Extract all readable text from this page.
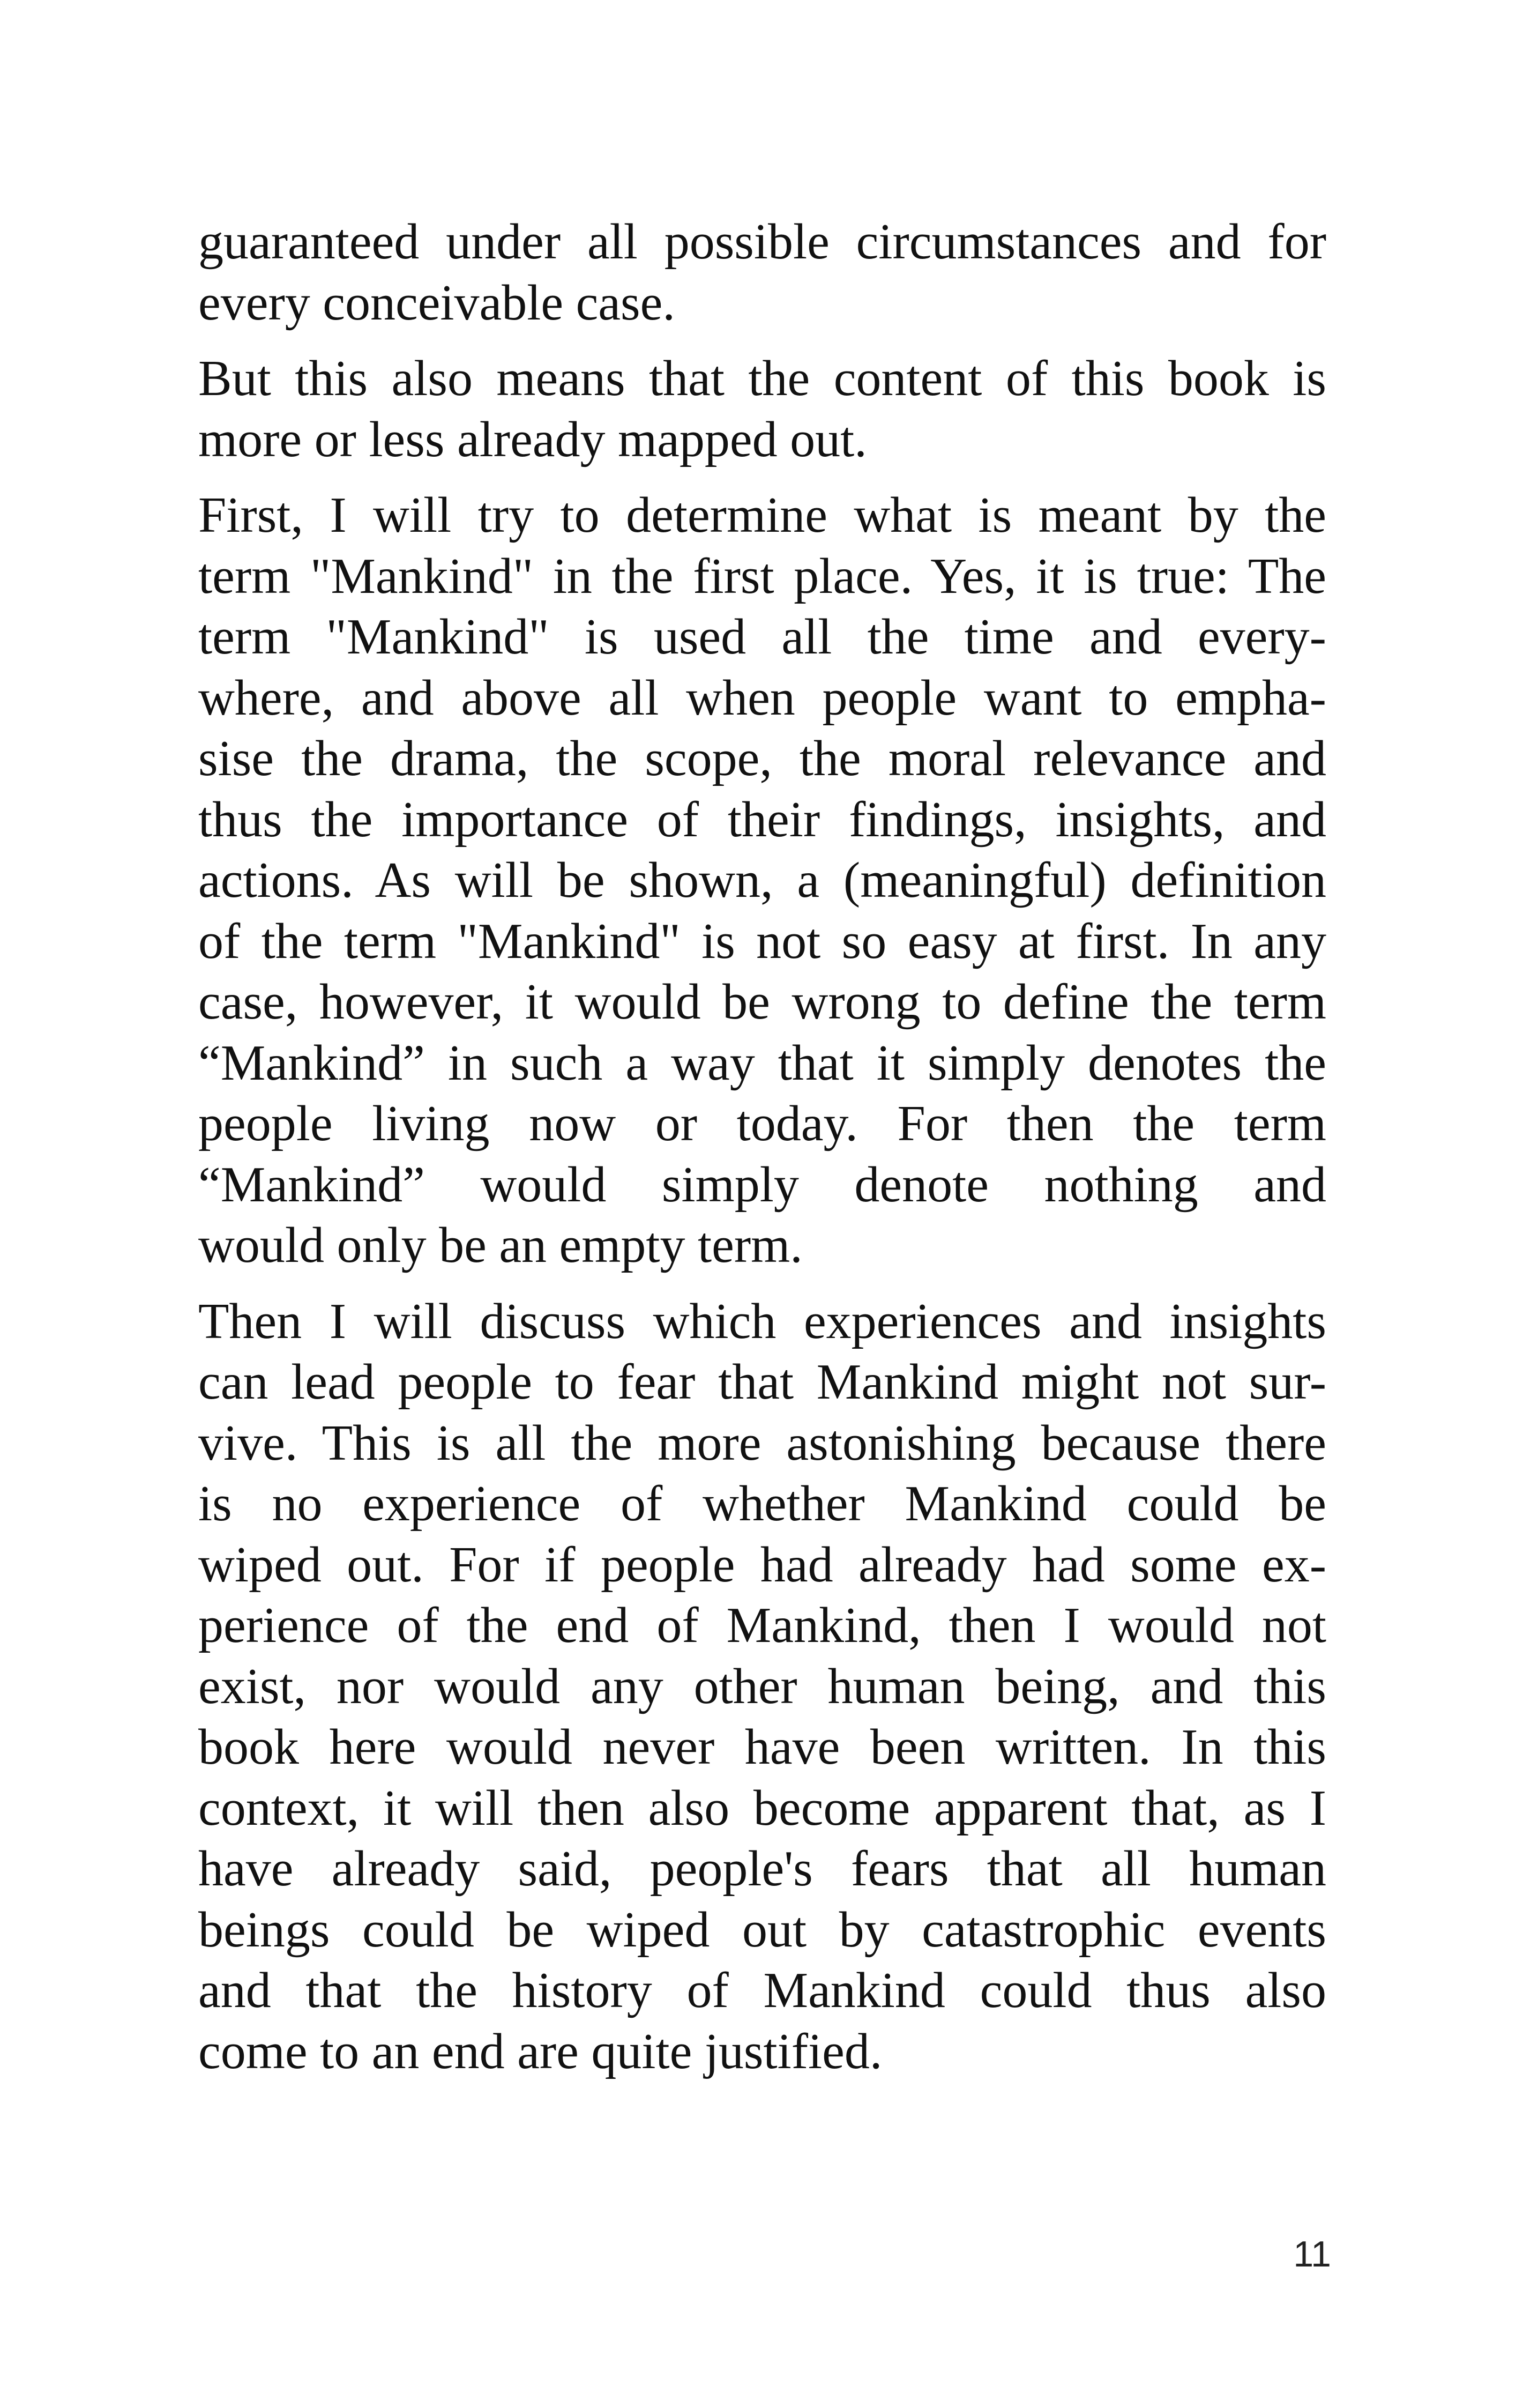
guaranteed under all possible circumstances and for
every conceivable case.

But this also means that the content of this book is
more or less already mapped out.

First, I will try to determine what is meant by the
term "Mankind" in the first place. Yes, it is true: The
term "Mankind" is used all the time and every-
where, and above all when people want to empha-
sise the drama, the scope, the moral relevance and
thus the importance of their findings, insights, and
actions. As will be shown, a (meaningful) definition
of the term "Mankind" is not so easy at first. In any
case, however, it would be wrong to define the term
“Mankind” in such a way that it simply denotes the
people living now or today. For then the term
“Mankind” would simply denote nothing and
would only be an empty term.

Then I will discuss which experiences and insights
can lead people to fear that Mankind might not sur-
vive. This is all the more astonishing because there
is no experience of whether Mankind could be
wiped out. For if people had already had some ex-
perience of the end of Mankind, then I would not
exist, nor would any other human being, and this
book here would never have been written. In this
context, it will then also become apparent that, as I
have already said, people's fears that all human
beings could be wiped out by catastrophic events
and that the history of Mankind could thus also
come to an end are quite justified.

11
